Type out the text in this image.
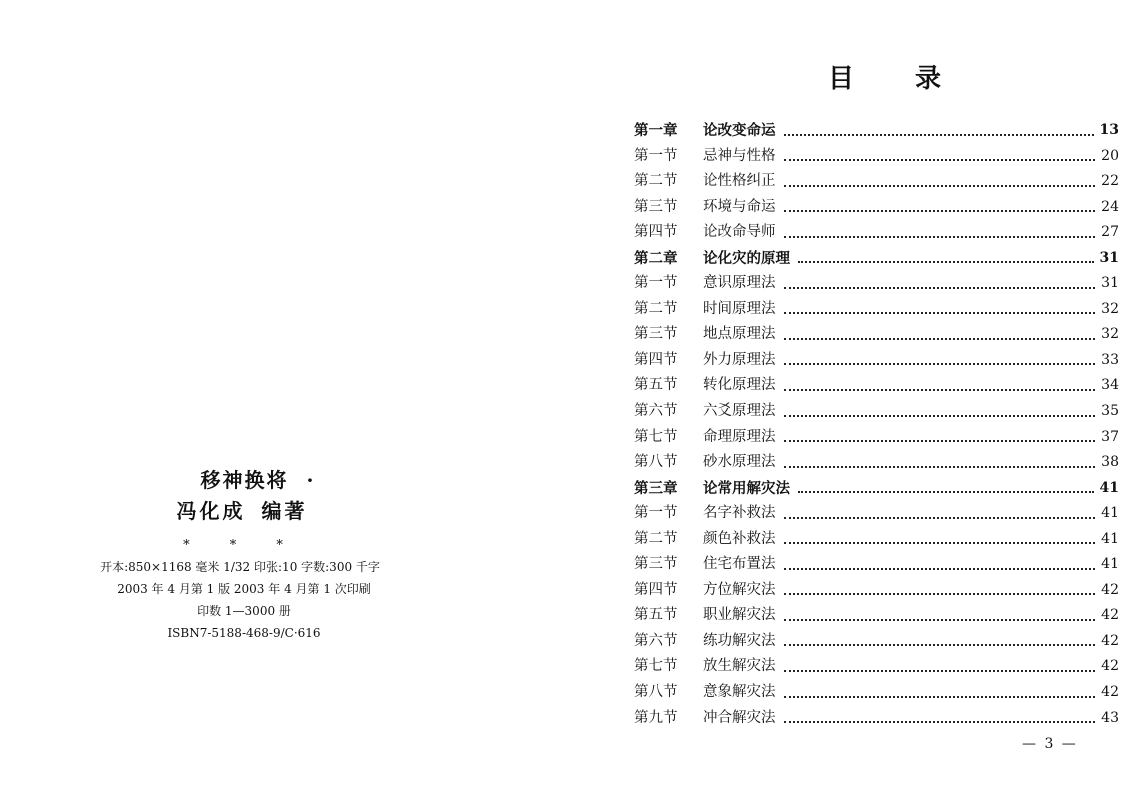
移神换将 ·
冯化成 编著
* * *
开本:850×1168 毫米 1/32 印张:10 字数:300 千字
2003 年 4 月第 1 版 2003 年 4 月第 1 次印刷
印数 1—3000 册
ISBN7-5188-468-9/C·616
目 录
第一章	论改变命运	13
第一节	忌神与性格	20
第二节	论性格纠正	22
第三节	环境与命运	24
第四节	论改命导师	27
第二章	论化灾的原理	31
第一节	意识原理法	31
第二节	时间原理法	32
第三节	地点原理法	32
第四节	外力原理法	33
第五节	转化原理法	34
第六节	六爻原理法	35
第七节	命理原理法	37
第八节	砂水原理法	38
第三章	论常用解灾法	41
第一节	名字补救法	41
第二节	颜色补救法	41
第三节	住宅布置法	41
第四节	方位解灾法	42
第五节	职业解灾法	42
第六节	练功解灾法	42
第七节	放生解灾法	42
第八节	意象解灾法	42
第九节	冲合解灾法	43
— 3 —
